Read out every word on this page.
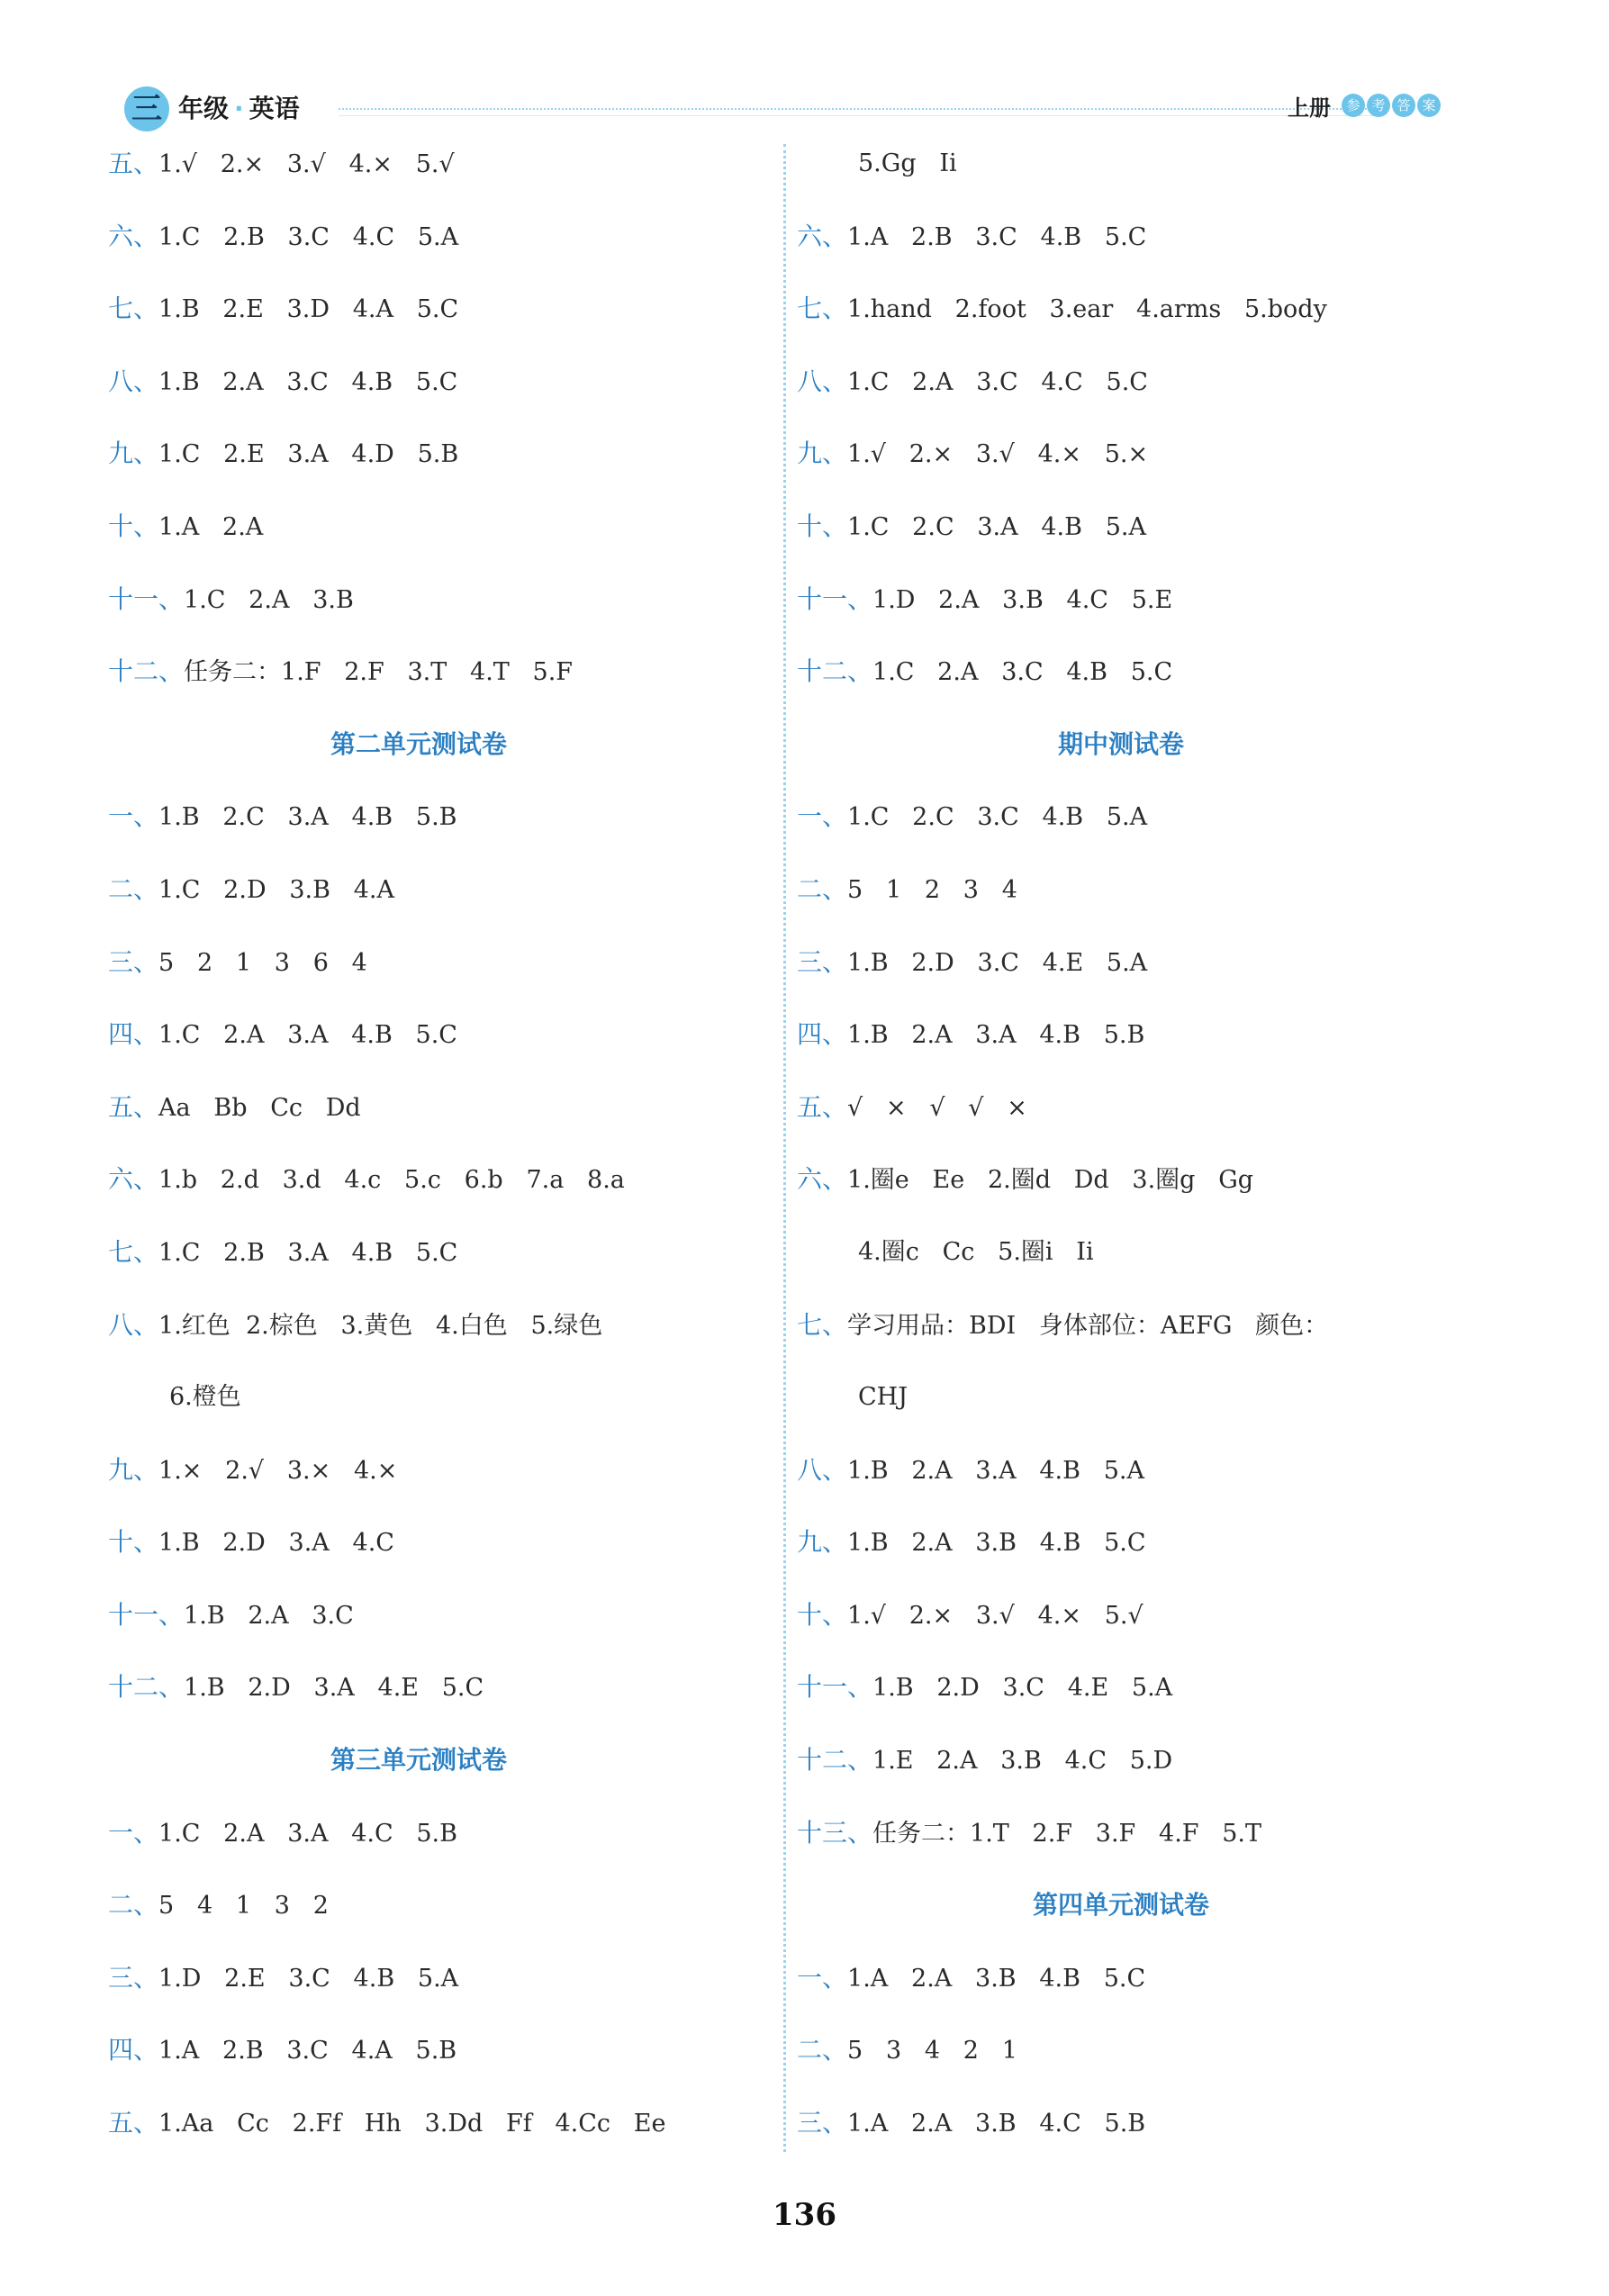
三 年级 · 英语	上册	参 考 答 案
五、1.√   2.×   3.√   4.×   5.√
六、1.C   2.B   3.C   4.C   5.A
七、1.B   2.E   3.D   4.A   5.C
八、1.B   2.A   3.C   4.B   5.C
九、1.C   2.E   3.A   4.D   5.B
十、1.A   2.A
十一、1.C   2.A   3.B
十二、任务二：1.F   2.F   3.T   4.T   5.F
第二单元测试卷
一、1.B   2.C   3.A   4.B   5.B
二、1.C   2.D   3.B   4.A
三、5   2   1   3   6   4
四、1.C   2.A   3.A   4.B   5.C
五、Aa   Bb   Cc   Dd
六、1.b   2.d   3.d   4.c   5.c   6.b   7.a   8.a
七、1.C   2.B   3.A   4.B   5.C
八、1.红色  2.棕色   3.黄色   4.白色   5.绿色
6.橙色
九、1.×   2.√   3.×   4.×
十、1.B   2.D   3.A   4.C
十一、1.B   2.A   3.C
十二、1.B   2.D   3.A   4.E   5.C
第三单元测试卷
一、1.C   2.A   3.A   4.C   5.B
二、5   4   1   3   2
三、1.D   2.E   3.C   4.B   5.A
四、1.A   2.B   3.C   4.A   5.B
五、1.Aa   Cc   2.Ff   Hh   3.Dd   Ff   4.Cc   Ee
5.Gg   Ii
六、1.A   2.B   3.C   4.B   5.C
七、1.hand   2.foot   3.ear   4.arms   5.body
八、1.C   2.A   3.C   4.C   5.C
九、1.√   2.×   3.√   4.×   5.×
十、1.C   2.C   3.A   4.B   5.A
十一、1.D   2.A   3.B   4.C   5.E
十二、1.C   2.A   3.C   4.B   5.C
期中测试卷
一、1.C   2.C   3.C   4.B   5.A
二、5   1   2   3   4
三、1.B   2.D   3.C   4.E   5.A
四、1.B   2.A   3.A   4.B   5.B
五、√   ×   √   √   ×
六、1.圈e   Ee   2.圈d   Dd   3.圈g   Gg
4.圈c   Cc   5.圈i   Ii
七、学习用品：BDI   身体部位：AEFG   颜色：
CHJ
八、1.B   2.A   3.A   4.B   5.A
九、1.B   2.A   3.B   4.B   5.C
十、1.√   2.×   3.√   4.×   5.√
十一、1.B   2.D   3.C   4.E   5.A
十二、1.E   2.A   3.B   4.C   5.D
十三、任务二：1.T   2.F   3.F   4.F   5.T
第四单元测试卷
一、1.A   2.A   3.B   4.B   5.C
二、5   3   4   2   1
三、1.A   2.A   3.B   4.C   5.B
136
